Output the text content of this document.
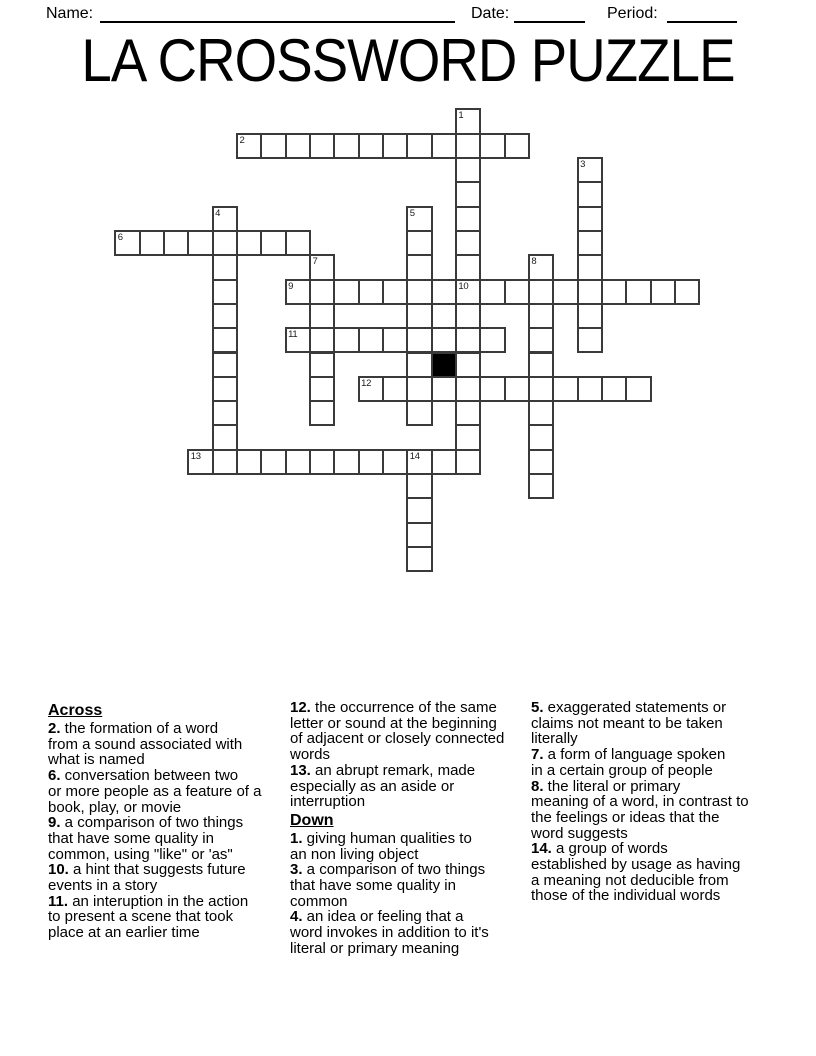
Name:	Date:	Period:
LA CROSSWORD PUZZLE
1
10
2
3
4	5
6
7	8
9
11
12
13	14
Across
2. the formation of a word
from a sound associated with
what is named
6. conversation between two
or more people as a feature of a
book, play, or movie
9. a comparison of two things
that have some quality in
common, using "like" or 'as"
10. a hint that suggests future
events in a story
11. an interuption in the action
to present a scene that took
place at an earlier time
12. the occurrence of the same
letter or sound at the beginning
of adjacent or closely connected
words
13. an abrupt remark, made
especially as an aside or
interruption
Down
1. giving human qualities to
an non living object
3. a comparison of two things
that have some quality in
common
4. an idea or feeling that a
word invokes in addition to it's
literal or primary meaning
5. exaggerated statements or
claims not meant to be taken
literally
7. a form of language spoken
in a certain group of people
8. the literal or primary
meaning of a word, in contrast to
the feelings or ideas that the
word suggests
14. a group of words
established by usage as having
a meaning not deducible from
those of the individual words
